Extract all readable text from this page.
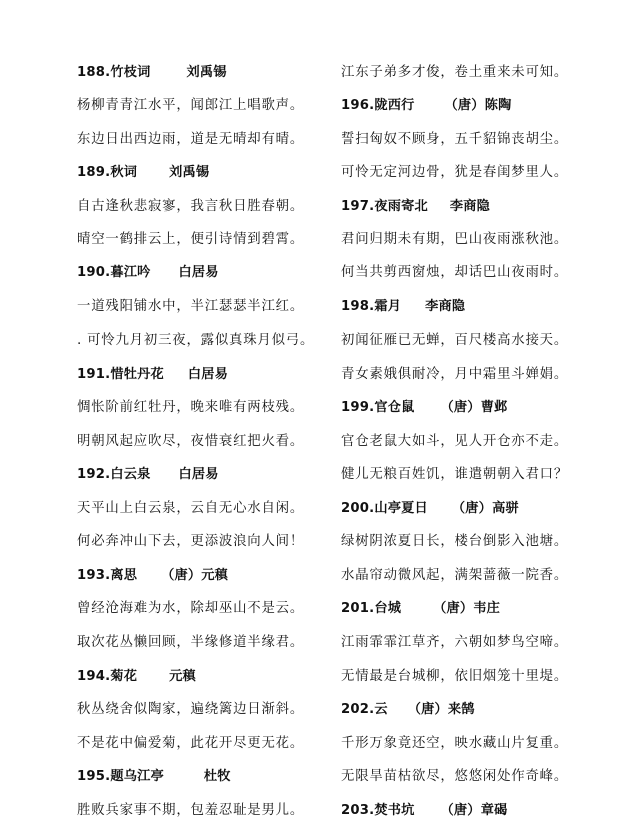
188.竹枝词	刘禹锡
杨柳青青江水平，闻郎江上唱歌声。
东边日出西边雨，道是无晴却有晴。
189.秋词 刘禹锡
自古逢秋悲寂寥，我言秋日胜春朝。
晴空一鹤排云上，便引诗情到碧霄。
190.暮江吟 白居易
一道残阳铺水中，半江瑟瑟半江红。
. 可怜九月初三夜，露似真珠月似弓。
191.惜牡丹花 白居易
惆怅阶前红牡丹，晚来唯有两枝残。
明朝风起应吹尽，夜惜衰红把火看。
192.白云泉 白居易
天平山上白云泉，云自无心水自闲。
何必奔冲山下去，更添波浪向人间！
193.离思 （唐）元稹
曾经沧海难为水，除却巫山不是云。
取次花丛懒回顾，半缘修道半缘君。
194.菊花 元稹
秋丛绕舍似陶家，遍绕篱边日渐斜。
不是花中偏爱菊，此花开尽更无花。
195.题乌江亭	杜牧
胜败兵家事不期，包羞忍耻是男儿。
江东子弟多才俊，卷土重来未可知。
196.陇西行 （唐）陈陶
誓扫匈奴不顾身，五千貂锦丧胡尘。
可怜无定河边骨，犹是春闺梦里人。
197.夜雨寄北 李商隐
君问归期未有期，巴山夜雨涨秋池。
何当共剪西窗烛，却话巴山夜雨时。
198.霜月 李商隐
初闻征雁已无蝉，百尺楼高水接天。
青女素娥俱耐冷，月中霜里斗婵娟。
199.官仓鼠 （唐）曹邺
官仓老鼠大如斗，见人开仓亦不走。
健儿无粮百姓饥，谁遣朝朝入君口？
200.山亭夏日 （唐）高骈
绿树阴浓夏日长，楼台倒影入池塘。
水晶帘动微风起，满架蔷薇一院香。
201.台城 （唐）韦庄
江雨霏霏江草齐，六朝如梦鸟空啼。
无情最是台城柳，依旧烟笼十里堤。
202.云 （唐）来鹄
千形万象竟还空，映水藏山片复重。
无限旱苗枯欲尽，悠悠闲处作奇峰。
203.焚书坑 （唐）章碣
